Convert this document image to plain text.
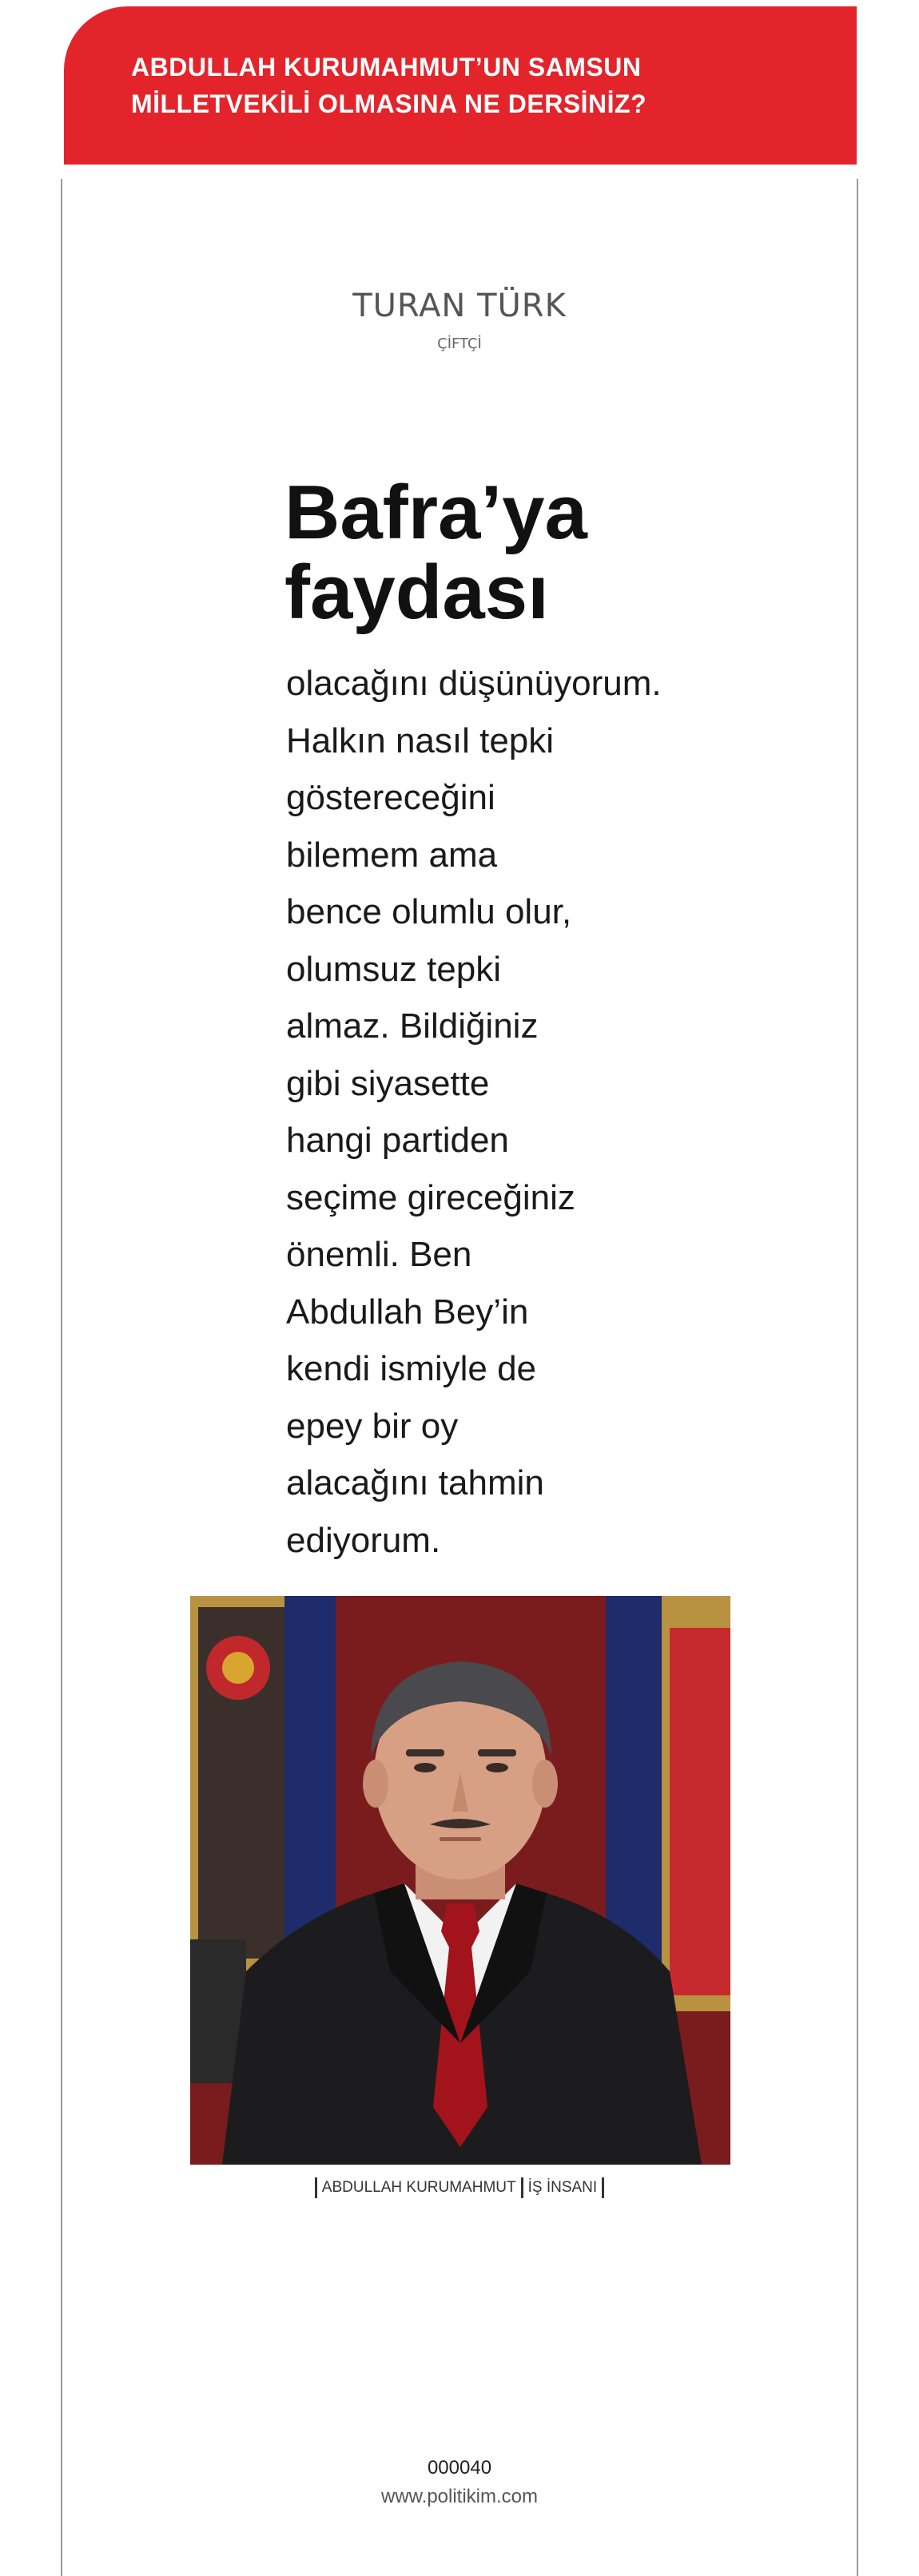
ABDULLAH KURUMAHMUT’UN SAMSUN
MİLLETVEKİLİ OLMASINA NE DERSİNİZ?
TURAN TÜRK
ÇİFTÇİ
Bafra’ya
faydası
olacağını düşünüyorum.
Halkın nasıl tepki
göstereceğini
bilemem ama
bence olumlu olur,
olumsuz tepki
almaz. Bildiğiniz
gibi siyasette
hangi partiden
seçime gireceğiniz
önemli. Ben
Abdullah Bey’in
kendi ismiyle de
epey bir oy
alacağını tahmin
ediyorum.
ABDULLAH KURUMAHMUT İŞ İNSANI
000040
www.politikim.com
